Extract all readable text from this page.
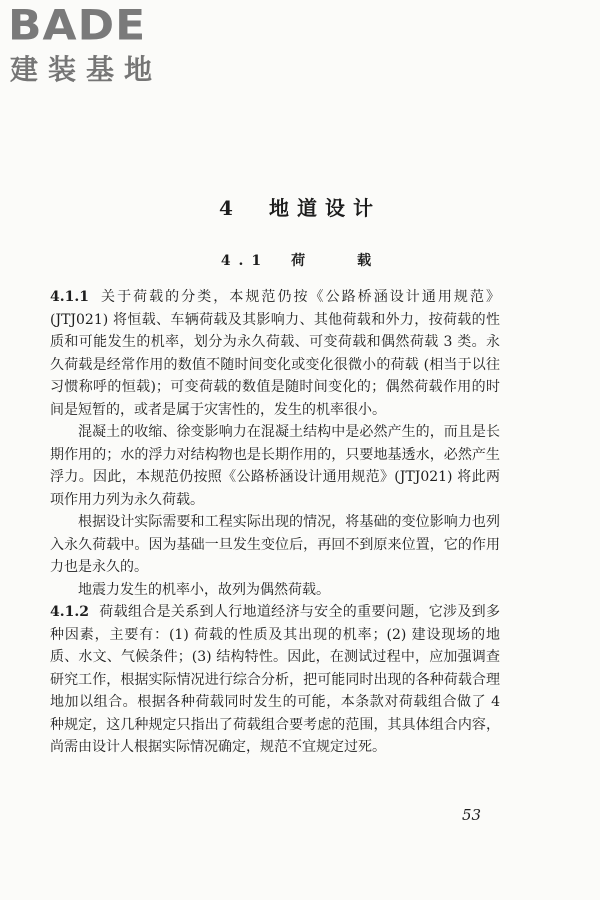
BADE
建装基地
4　地道设计
4.1　荷　　载

4.1.1 关于荷载的分类，本规范仍按《公路桥涵设计通用规范》(JTJ021) 将恒载、车辆荷载及其影响力、其他荷载和外力，按荷载的性质和可能发生的机率，划分为永久荷载、可变荷载和偶然荷载 3 类。永久荷载是经常作用的数值不随时间变化或变化很微小的荷载 (相当于以往习惯称呼的恒载)；可变荷载的数值是随时间变化的；偶然荷载作用的时间是短暂的，或者是属于灾害性的，发生的机率很小。

混凝土的收缩、徐变影响力在混凝土结构中是必然产生的，而且是长期作用的；水的浮力对结构物也是长期作用的，只要地基透水，必然产生浮力。因此，本规范仍按照《公路桥涵设计通用规范》(JTJ021) 将此两项作用力列为永久荷载。

根据设计实际需要和工程实际出现的情况，将基础的变位影响力也列入永久荷载中。因为基础一旦发生变位后，再回不到原来位置，它的作用力也是永久的。

地震力发生的机率小，故列为偶然荷载。

4.1.2 荷载组合是关系到人行地道经济与安全的重要问题，它涉及到多种因素，主要有：(1) 荷载的性质及其出现的机率；(2) 建设现场的地质、水文、气候条件；(3) 结构特性。因此，在测试过程中，应加强调查研究工作，根据实际情况进行综合分析，把可能同时出现的各种荷载合理地加以组合。根据各种荷载同时发生的可能，本条款对荷载组合做了 4 种规定，这几种规定只指出了荷载组合要考虑的范围，其具体组合内容，尚需由设计人根据实际情况确定，规范不宜规定过死。

53
